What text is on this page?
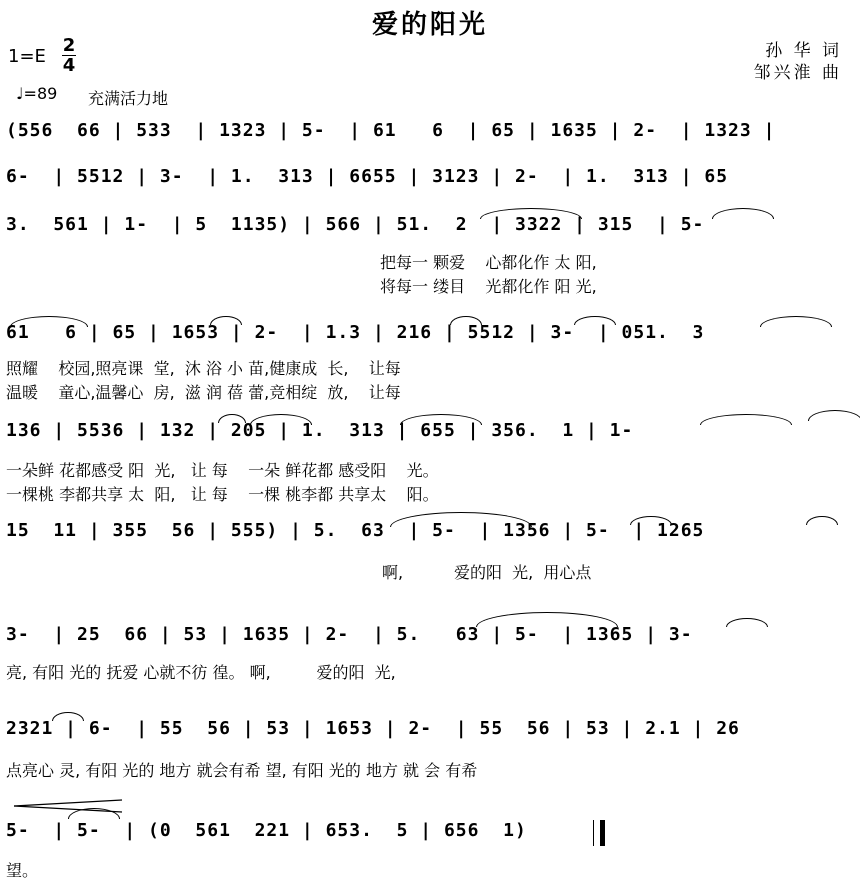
爱的阳光
1=E
2
4
♩=89 充满活力地
孙 华 词
邹兴淮 曲
(556  66 | 533  | 1323 | 5-  | 61   6  | 65 | 1635 | 2-  | 1323 |
6-  | 5512 | 3-  | 1.  313 | 6655 | 3123 | 2-  | 1.  313 | 65
3.  561 | 1-  | 5  1135) | 566 | 51.  2  | 3322 | 315  | 5-
把每一 颗爱    心都化作 太 阳,
将每一 缕目    光都化作 阳 光,
61   6 | 65 | 1653 | 2-  | 1.3 | 216 | 5512 | 3-  | 051.  3
照耀    校园,照亮课  堂,  沐 浴 小 苗,健康成  长,    让每
温暖    童心,温馨心  房,  滋 润 蓓 蕾,竞相绽  放,    让每
136 | 5536 | 132 | 205 | 1.  313 | 655 | 356.  1 | 1-
一朵鲜 花都感受 阳  光,   让 每    一朵 鲜花都 感受阳    光。
一棵桃 李都共享 太  阳,   让 每    一棵 桃李都 共享太    阳。
15  11 | 355  56 | 555) | 5.  63  | 5-  | 1356 | 5-  | 1265
啊,          爱的阳  光,  用心点
3-  | 25  66 | 53 | 1635 | 2-  | 5.   63 | 5-  | 1365 | 3-
亮, 有阳 光的 抚爱 心就不彷 徨。 啊,         爱的阳  光,
2321 | 6-  | 55  56 | 53 | 1653 | 2-  | 55  56 | 53 | 2.1 | 26
点亮心 灵, 有阳 光的 地方 就会有希 望, 有阳 光的 地方 就 会 有希
5-  | 5-  | (0  561  221 | 653.  5 | 656  1)
望。
